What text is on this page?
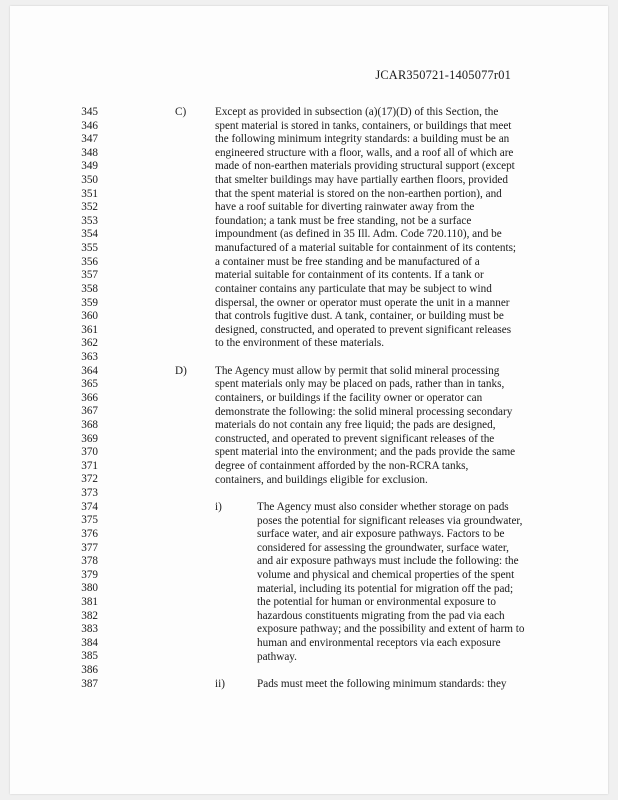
JCAR350721-1405077r01
345
346
347
348
349
350
351
352
353
354
355
356
357
358
359
360
361
362
363
364
365
366
367
368
369
370
371
372
373
374
375
376
377
378
379
380
381
382
383
384
385
386
387
C)	Except as provided in subsection (a)(17)(D) of this Section, the
spent material is stored in tanks, containers, or buildings that meet
the following minimum integrity standards: a building must be an
engineered structure with a floor, walls, and a roof all of which are
made of non-earthen materials providing structural support (except
that smelter buildings may have partially earthen floors, provided
that the spent material is stored on the non-earthen portion), and
have a roof suitable for diverting rainwater away from the
foundation; a tank must be free standing, not be a surface
impoundment (as defined in 35 Ill. Adm. Code 720.110), and be
manufactured of a material suitable for containment of its contents;
a container must be free standing and be manufactured of a
material suitable for containment of its contents. If a tank or
container contains any particulate that may be subject to wind
dispersal, the owner or operator must operate the unit in a manner
that controls fugitive dust. A tank, container, or building must be
designed, constructed, and operated to prevent significant releases
to the environment of these materials.
D)	The Agency must allow by permit that solid mineral processing
spent materials only may be placed on pads, rather than in tanks,
containers, or buildings if the facility owner or operator can
demonstrate the following: the solid mineral processing secondary
materials do not contain any free liquid; the pads are designed,
constructed, and operated to prevent significant releases of the
spent material into the environment; and the pads provide the same
degree of containment afforded by the non-RCRA tanks,
containers, and buildings eligible for exclusion.
i)	The Agency must also consider whether storage on pads
poses the potential for significant releases via groundwater,
surface water, and air exposure pathways. Factors to be
considered for assessing the groundwater, surface water,
and air exposure pathways must include the following: the
volume and physical and chemical properties of the spent
material, including its potential for migration off the pad;
the potential for human or environmental exposure to
hazardous constituents migrating from the pad via each
exposure pathway; and the possibility and extent of harm to
human and environmental receptors via each exposure
pathway.
ii)	Pads must meet the following minimum standards: they
